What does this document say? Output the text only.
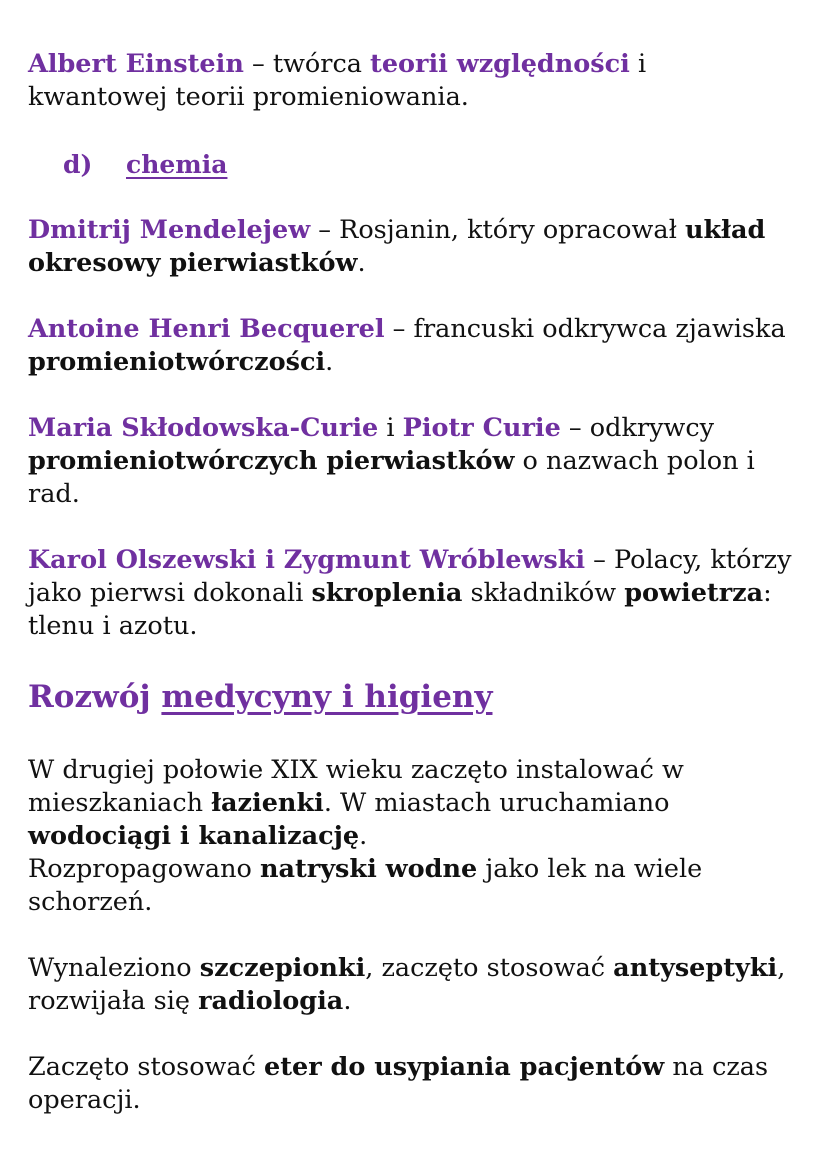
Albert Einstein – twórca teorii względności i kwantowej teorii promieniowania.

d) chemia

Dmitrij Mendelejew – Rosjanin, który opracował układ okresowy pierwiastków.

Antoine Henri Becquerel – francuski odkrywca zjawiska promieniotwórczości.

Maria Skłodowska-Curie i Piotr Curie – odkrywcy promieniotwórczych pierwiastków o nazwach polon i rad.

Karol Olszewski i Zygmunt Wróblewski – Polacy, którzy jako pierwsi dokonali skroplenia składników powietrza: tlenu i azotu.

Rozwój medycyny i higieny

W drugiej połowie XIX wieku zaczęto instalować w mieszkaniach łazienki. W miastach uruchamiano wodociągi i kanalizację.

Rozpropagowano natryski wodne jako lek na wiele schorzeń.

Wynaleziono szczepionki, zaczęto stosować antyseptyki, rozwijała się radiologia.

Zaczęto stosować eter do usypiania pacjentów na czas operacji.
